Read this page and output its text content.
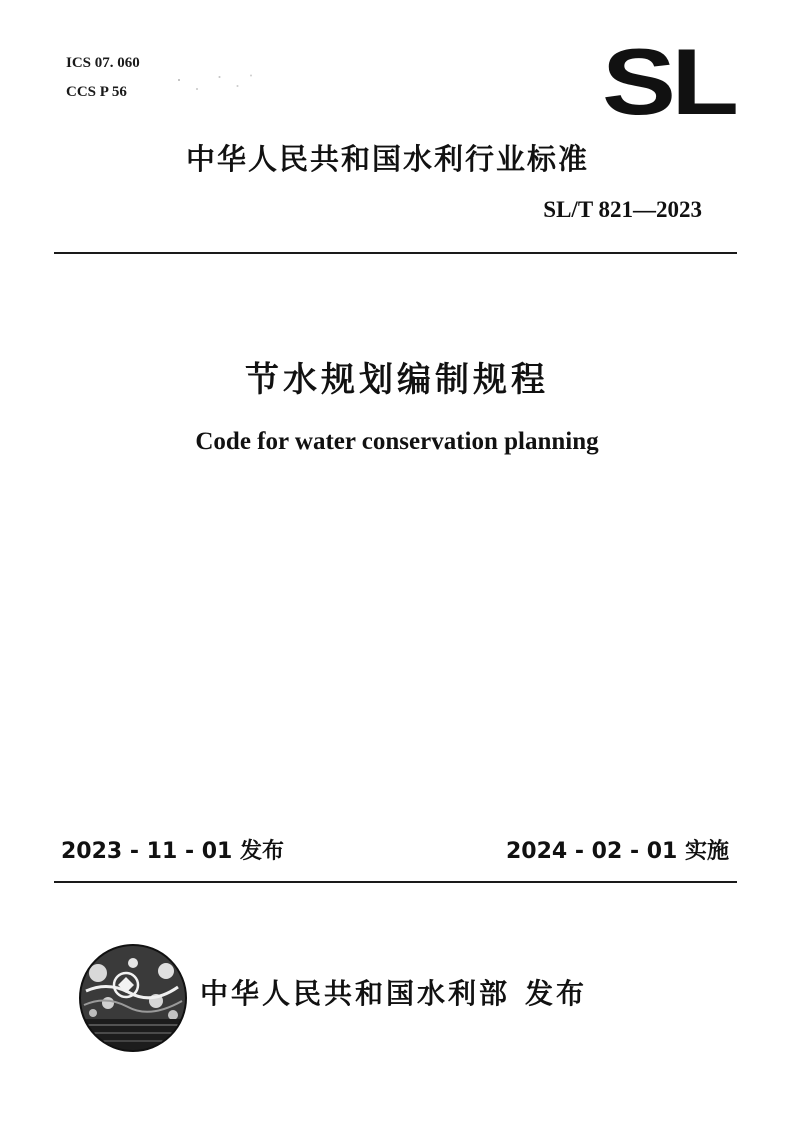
ICS 07. 060
CCS P 56	SL
中华人民共和国水利行业标准
SL/T 821—2023
节水规划编制规程
Code for water conservation planning
2023 - 11 - 01 发布	2024 - 02 - 01 实施
中华人民共和国水利部 发布
